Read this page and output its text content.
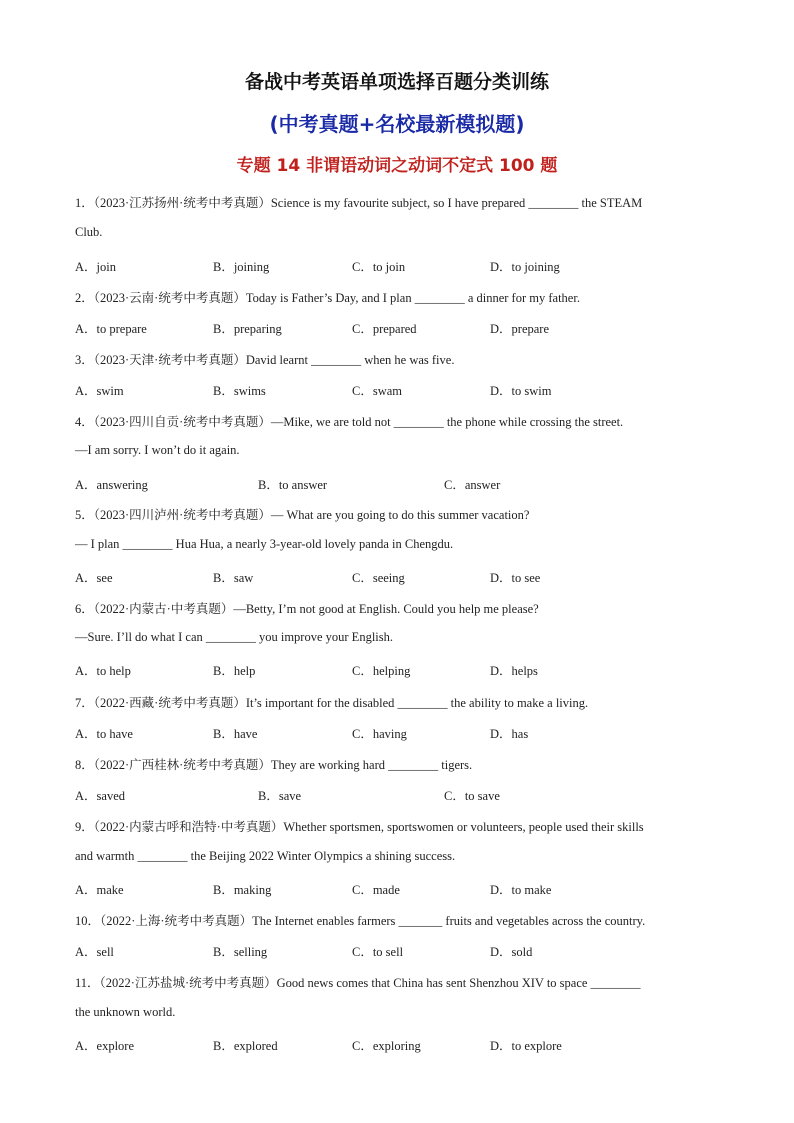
备战中考英语单项选择百题分类训练
(中考真题+名校最新模拟题)
专题 14 非谓语动词之动词不定式 100 题
1．（2023·江苏扬州·统考中考真题）Science is my favourite subject, so I have prepared ________ the STEAM
Club.
A．join	B．joining	C．to join	D．to joining
2．（2023·云南·统考中考真题）Today is Father’s Day, and I plan ________ a dinner for my father.
A．to prepare	B．preparing	C．prepared	D．prepare
3．（2023·天津·统考中考真题）David learnt ________ when he was five.
A．swim	B．swims	C．swam	D．to swim
4．（2023·四川自贡·统考中考真题）—Mike, we are told not ________ the phone while crossing the street.
—I am sorry. I won’t do it again.
A．answering	B．to answer	C．answer
5．（2023·四川泸州·统考中考真题）— What are you going to do this summer vacation?
— I plan ________ Hua Hua, a nearly 3-year-old lovely panda in Chengdu.
A．see	B．saw	C．seeing	D．to see
6．（2022·内蒙古·中考真题）—Betty, I’m not good at English. Could you help me please?
—Sure. I’ll do what I can ________ you improve your English.
A．to help	B．help	C．helping	D．helps
7．（2022·西藏·统考中考真题）It’s important for the disabled ________ the ability to make a living.
A．to have	B．have	C．having	D．has
8．（2022·广西桂林·统考中考真题）They are working hard ________ tigers.
A．saved	B．save	C．to save
9．（2022·内蒙古呼和浩特·中考真题）Whether sportsmen, sportswomen or volunteers, people used their skills
and warmth ________ the Beijing 2022 Winter Olympics a shining success.
A．make	B．making	C．made	D．to make
10．（2022·上海·统考中考真题）The Internet enables farmers _______ fruits and vegetables across the country.
A．sell	B．selling	C．to sell	D．sold
11．（2022·江苏盐城·统考中考真题）Good news comes that China has sent Shenzhou XIV to space ________
the unknown world.
A．explore	B．explored	C．exploring	D．to explore
